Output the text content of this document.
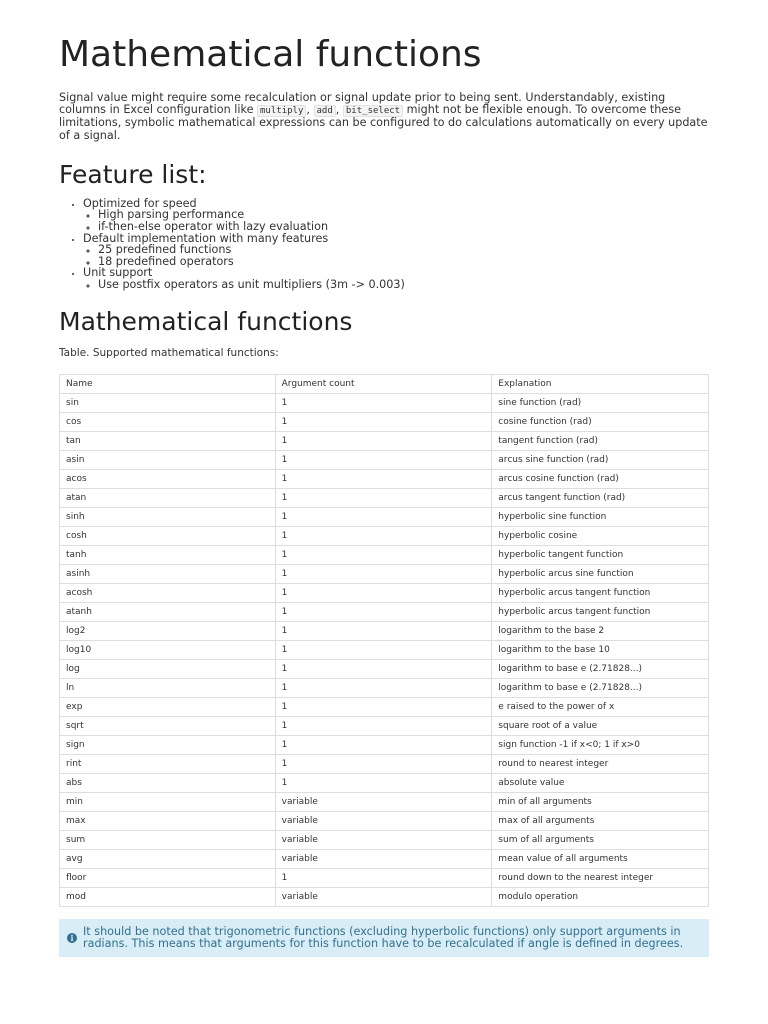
Mathematical functions

Signal value might require some recalculation or signal update prior to being sent. Understandably, existing columns in Excel configuration like multiply , add , bit_select might not be flexible enough. To overcome these limitations, symbolic mathematical expressions can be configured to do calculations automatically on every update of a signal.

Feature list:
• Optimized for speed
◦ High parsing performance
◦ if-then-else operator with lazy evaluation
• Default implementation with many features
◦ 25 predefined functions
◦ 18 predefined operators
• Unit support
◦ Use postfix operators as unit multipliers (3m -> 0.003)
Mathematical functions
Table. Supported mathematical functions:
Name	Argument count	Explanation
sin	1	sine function (rad)
cos	1	cosine function (rad)
tan	1	tangent function (rad)
asin	1	arcus sine function (rad)
acos	1	arcus cosine function (rad)
atan	1	arcus tangent function (rad)
sinh	1	hyperbolic sine function
cosh	1	hyperbolic cosine
tanh	1	hyperbolic tangent function
asinh	1	hyperbolic arcus sine function
acosh	1	hyperbolic arcus tangent function
atanh	1	hyperbolic arcus tangent function
log2	1	logarithm to the base 2
log10	1	logarithm to the base 10
log	1	logarithm to base e (2.71828...)
ln	1	logarithm to base e (2.71828...)
exp	1	e raised to the power of x
sqrt	1	square root of a value
sign	1	sign function -1 if x<0; 1 if x>0
rint	1	round to nearest integer
abs	1	absolute value
min	variable	min of all arguments
max	variable	max of all arguments
sum	variable	sum of all arguments
avg	variable	mean value of all arguments
floor	1	round down to the nearest integer
mod	variable	modulo operation
i It should be noted that trigonometric functions (excluding hyperbolic functions) only support arguments in radians. This means that arguments for this function have to be recalculated if angle is defined in degrees.
